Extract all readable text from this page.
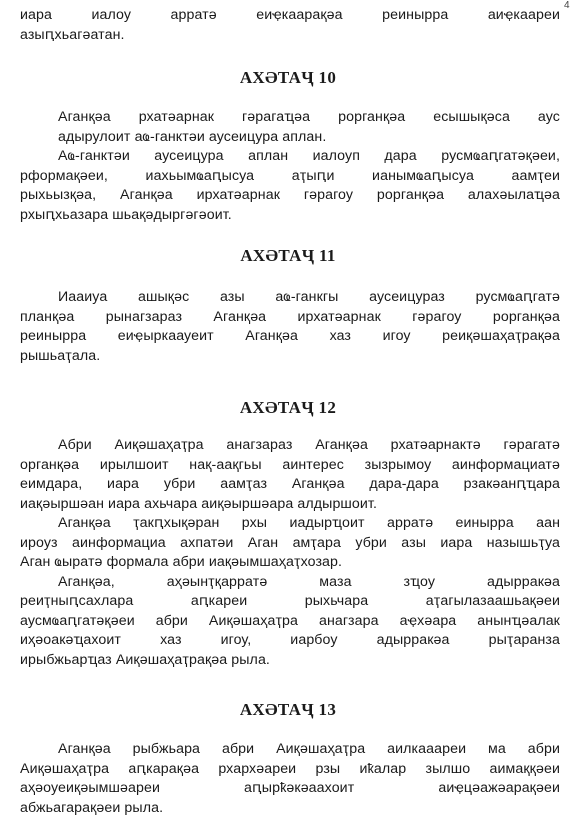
4

иара иалоу арратә еиҿкаарақәа реинырра аиҿкаареи
азыԥхьагәатан.

АХӘТАҶ 10

Аганқәа рхатәарнак гәрагаҵәа рорганқәа есышықәса аус
адырулоит аҩ-ганктәи аусеицура аплан.

Аҩ-ганктәи аусеицура аплан иалоуп дара русмҩаԥгатәқәеи,
рформақәеи, иахьымҩаԥысуа аҭыԥи ианымҩаԥысуа аамҭеи
рыхьызқәа, Аганқәа ирхатәарнак гәрагоу рорганқәа алахәылаҵәа
рхыԥхьазара шьақәдыргәгәоит.

АХӘТАҶ 11

Иааиуа ашықәс азы аҩ-ганкгы аусеицураз русмҩаԥгатә
планқәа рынагзараз Аганқәа ирхатәарнак гәрагоу рорганқәа
реинырра еиҿыркаауеит Аганқәа хаз игоу реиқәшаҳаҭрақәа
рышьаҭала.

АХӘТАҶ 12

Абри Аиқәшаҳаҭра анагзараз Аганқәа рхатәарнактә гәрагатә
органқәа ирылшоит нақ-аақгьы аинтерес зызрымоу аинформациатә
еимдара, иара убри аамҭаз Аганқәа дара-дара рзакәанԥҵара
иақәыршәан иара ахьчара аиқәыршәара алдыршоит.

Аганқәа ҭакԥхықәран рхы иадырҵоит арратә еинырра аан
ироуз аинформациа ахпатәи Аган амҭара убри азы иара назышьҭуа
Аган ҩыратә формала абри иақәымшаҳаҭхозар.
Аганқәа, аҳәынҭқарратә маза зҵоу адырракәа
реиҭныԥсахлара аԥкареи рыхьчара аҭагылазаашьақәеи
аусмҩаԥгатәқәеи абри Аиқәшаҳаҭра анагзара аҿхәара анынҵәалак
иҳәоакәҵахоит хаз игоу, иарбоу адырракәа рыҭаранза
ирыбжьарҵаз Аиқәшаҳаҭрақәа рыла.

АХӘТАҶ 13

Аганқәа рыбжьара абри Аиқәшаҳаҭра аилкааареи ма абри
Аиқәшаҳаҭра аԥкарақәа рхархәареи рзы иҟалар зылшо аимаққәеи
аҳәоуеиқәымшәареи аԥырҟәкәаахоит аиҿцәажәарақәеи
абжьагарақәеи рыла.
